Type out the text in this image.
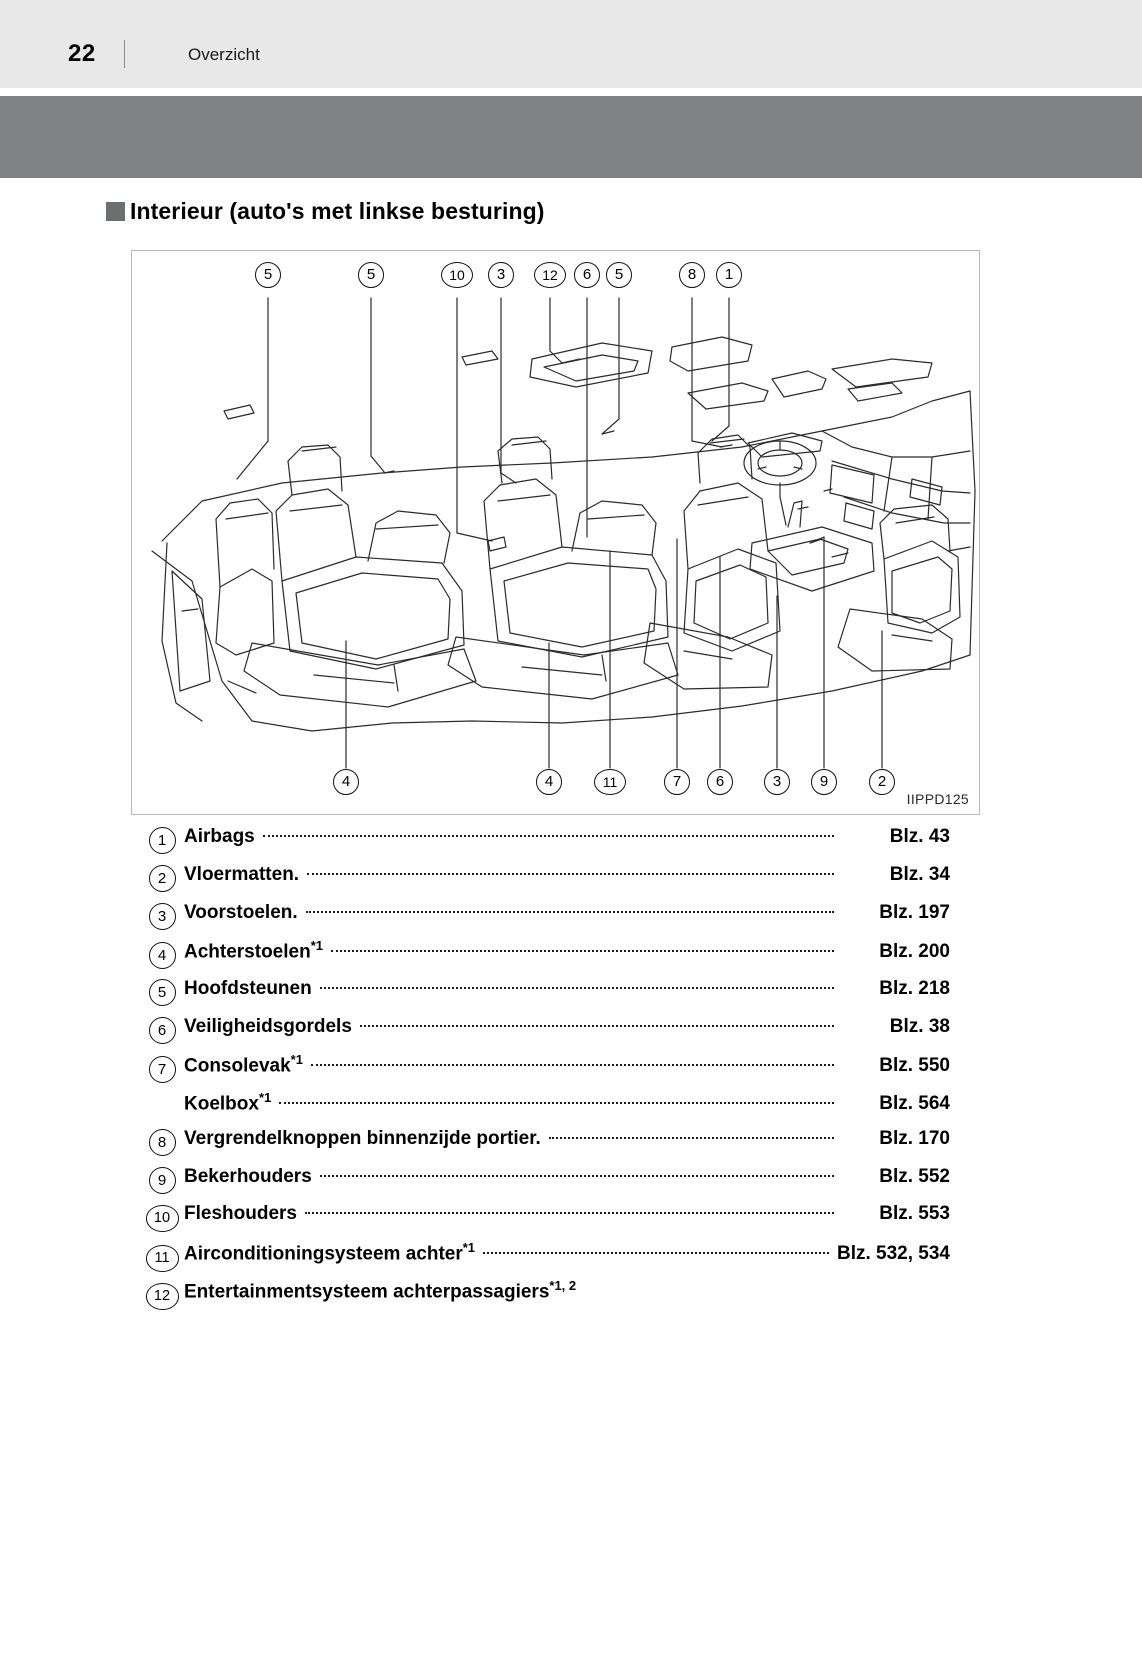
22	Overzicht
Interieur (auto's met linkse besturing)
5	5	10	3	12	6	5	8	1
4	4	11	7	6	3	9	2
IIPPD125
1 Airbags	Blz. 43
2 Vloermatten.	Blz. 34
3 Voorstoelen.	Blz. 197
4 Achterstoelen$^{*1}$	Blz. 200
5 Hoofdsteunen	Blz. 218
6 Veiligheidsgordels	Blz. 38
7 Consolevak$^{*1}$	Blz. 550
Koelbox$^{*1}$	Blz. 564
8 Vergrendelknoppen binnenzijde portier.	Blz. 170
9 Bekerhouders	Blz. 552
10 Fleshouders	Blz. 553
11 Airconditioningsysteem achter$^{*1}$	Blz. 532, 534
12 Entertainmentsysteem achterpassagiers$^{*1, 2}$
